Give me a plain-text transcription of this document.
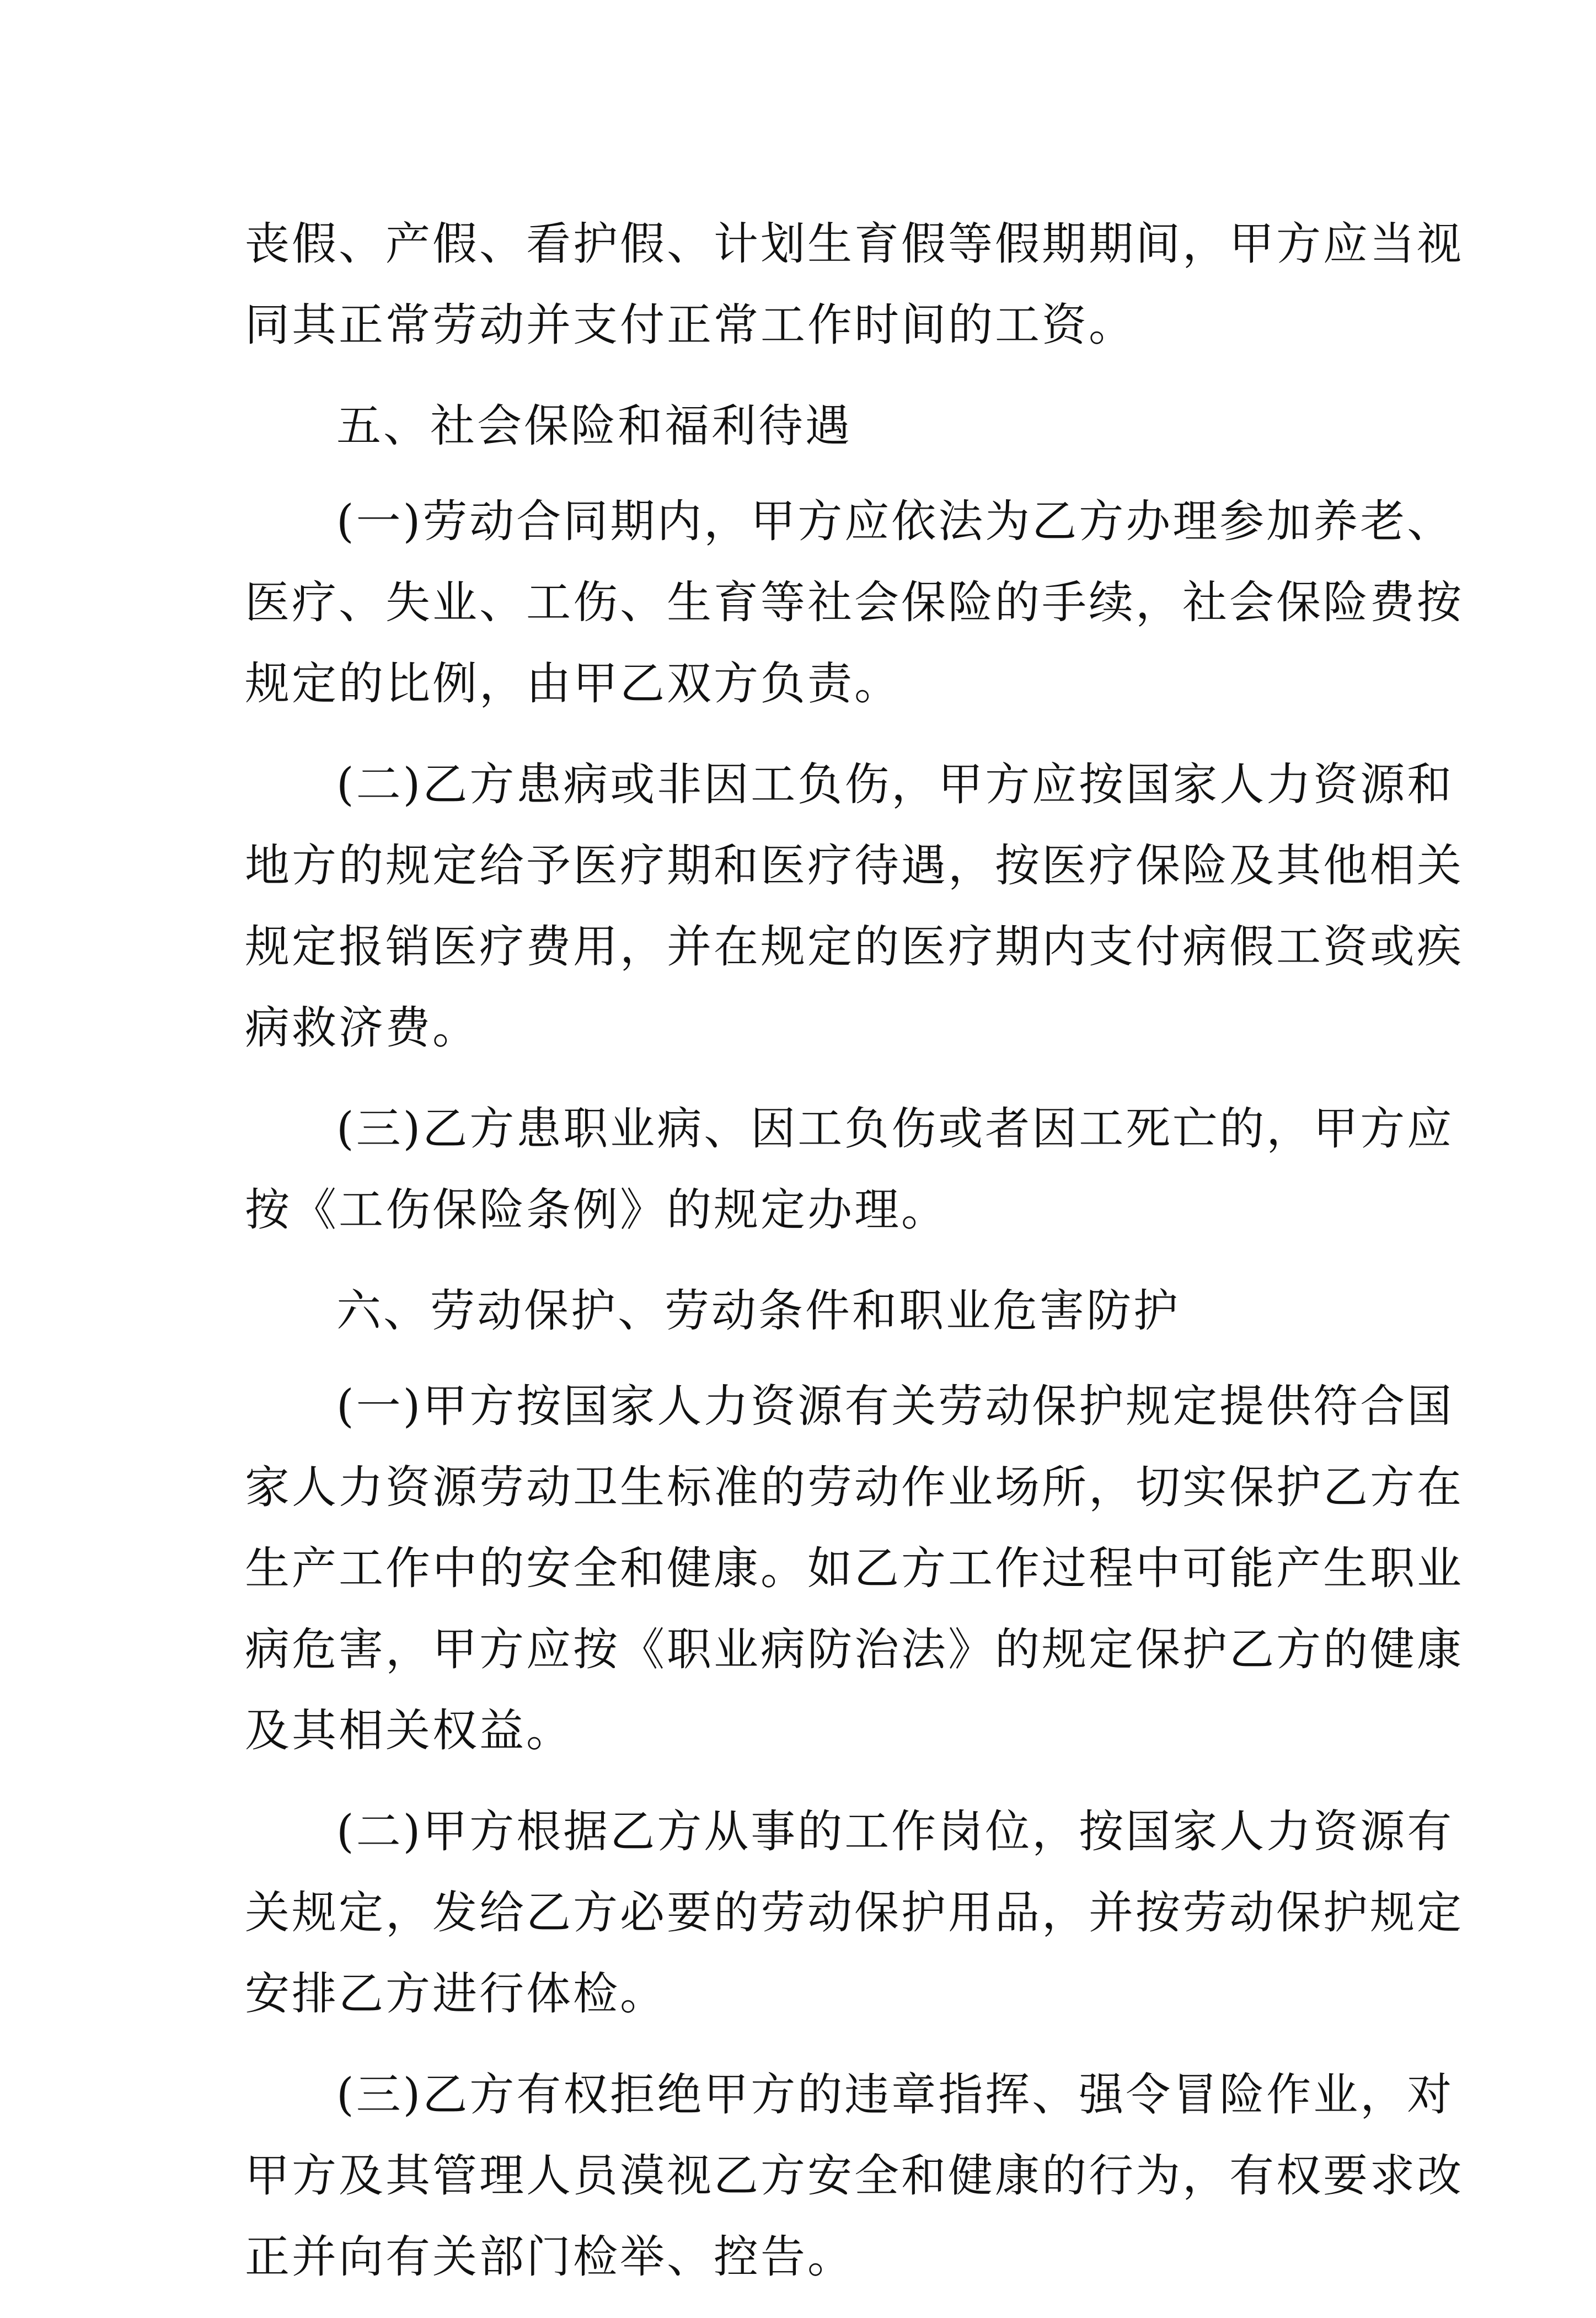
丧假、产假、看护假、计划生育假等假期期间，甲方应当视
同其正常劳动并支付正常工作时间的工资。
五、社会保险和福利待遇
(一)劳动合同期内，甲方应依法为乙方办理参加养老、
医疗、失业、工伤、生育等社会保险的手续，社会保险费按
规定的比例，由甲乙双方负责。
(二)乙方患病或非因工负伤，甲方应按国家人力资源和
地方的规定给予医疗期和医疗待遇，按医疗保险及其他相关
规定报销医疗费用，并在规定的医疗期内支付病假工资或疾
病救济费。
(三)乙方患职业病、因工负伤或者因工死亡的，甲方应
按《工伤保险条例》的规定办理。
六、劳动保护、劳动条件和职业危害防护
(一)甲方按国家人力资源有关劳动保护规定提供符合国
家人力资源劳动卫生标准的劳动作业场所，切实保护乙方在
生产工作中的安全和健康。如乙方工作过程中可能产生职业
病危害，甲方应按《职业病防治法》的规定保护乙方的健康
及其相关权益。
(二)甲方根据乙方从事的工作岗位，按国家人力资源有
关规定，发给乙方必要的劳动保护用品，并按劳动保护规定
安排乙方进行体检。
(三)乙方有权拒绝甲方的违章指挥、强令冒险作业，对
甲方及其管理人员漠视乙方安全和健康的行为，有权要求改
正并向有关部门检举、控告。
